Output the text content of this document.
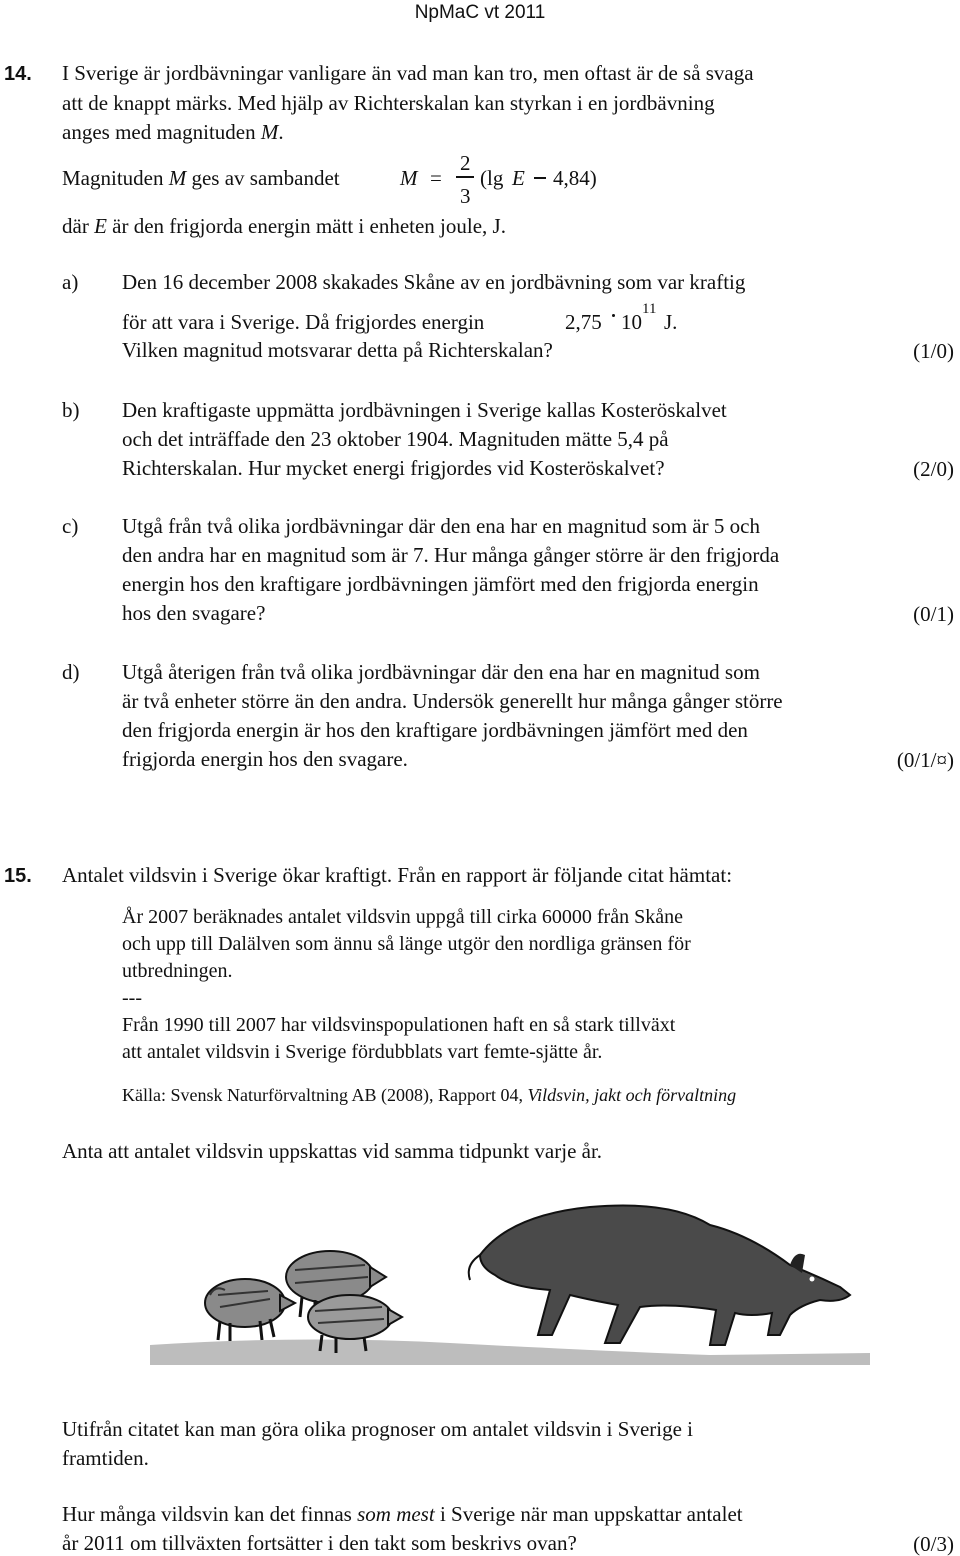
NpMaC vt 2011
14. I Sverige är jordbävningar vanligare än vad man kan tro, men oftast är de så svaga
att de knappt märks. Med hjälp av Richterskalan kan styrkan i en jordbävning
anges med magnituden M.
Magnituden M ges av sambandet	M =
2
3
(lg E 4,84)
där E är den frigjorda energin mätt i enheten joule, J.
a) Den 16 december 2008 skakades Skåne av en jordbävning som var kraftig
för att vara i Sverige. Då frigjordes energin	2,75 10
11
J.
Vilken magnitud motsvarar detta på Richterskalan?	(1/0)
b) Den kraftigaste uppmätta jordbävningen i Sverige kallas Kosteröskalvet
och det inträffade den 23 oktober 1904. Magnituden mätte 5,4 på
Richterskalan. Hur mycket energi frigjordes vid Kosteröskalvet?	(2/0)
c) Utgå från två olika jordbävningar där den ena har en magnitud som är 5 och
den andra har en magnitud som är 7. Hur många gånger större är den frigjorda
energin hos den kraftigare jordbävningen jämfört med den frigjorda energin
hos den svagare?	(0/1)
d) Utgå återigen från två olika jordbävningar där den ena har en magnitud som
är två enheter större än den andra. Undersök generellt hur många gånger större
den frigjorda energin är hos den kraftigare jordbävningen jämfört med den
frigjorda energin hos den svagare.	(0/1/¤)
15. Antalet vildsvin i Sverige ökar kraftigt. Från en rapport är följande citat hämtat:
År 2007 beräknades antalet vildsvin uppgå till cirka 60000 från Skåne
och upp till Dalälven som ännu så länge utgör den nordliga gränsen för
utbredningen.
---
Från 1990 till 2007 har vildsvinspopulationen haft en så stark tillväxt
att antalet vildsvin i Sverige fördubblats vart femte-sjätte år.
Källa: Svensk Naturförvaltning AB (2008), Rapport 04, Vildsvin, jakt och förvaltning
Anta att antalet vildsvin uppskattas vid samma tidpunkt varje år.
Utifrån citatet kan man göra olika prognoser om antalet vildsvin i Sverige i
framtiden.
Hur många vildsvin kan det finnas som mest i Sverige när man uppskattar antalet
år 2011 om tillväxten fortsätter i den takt som beskrivs ovan?	(0/3)
